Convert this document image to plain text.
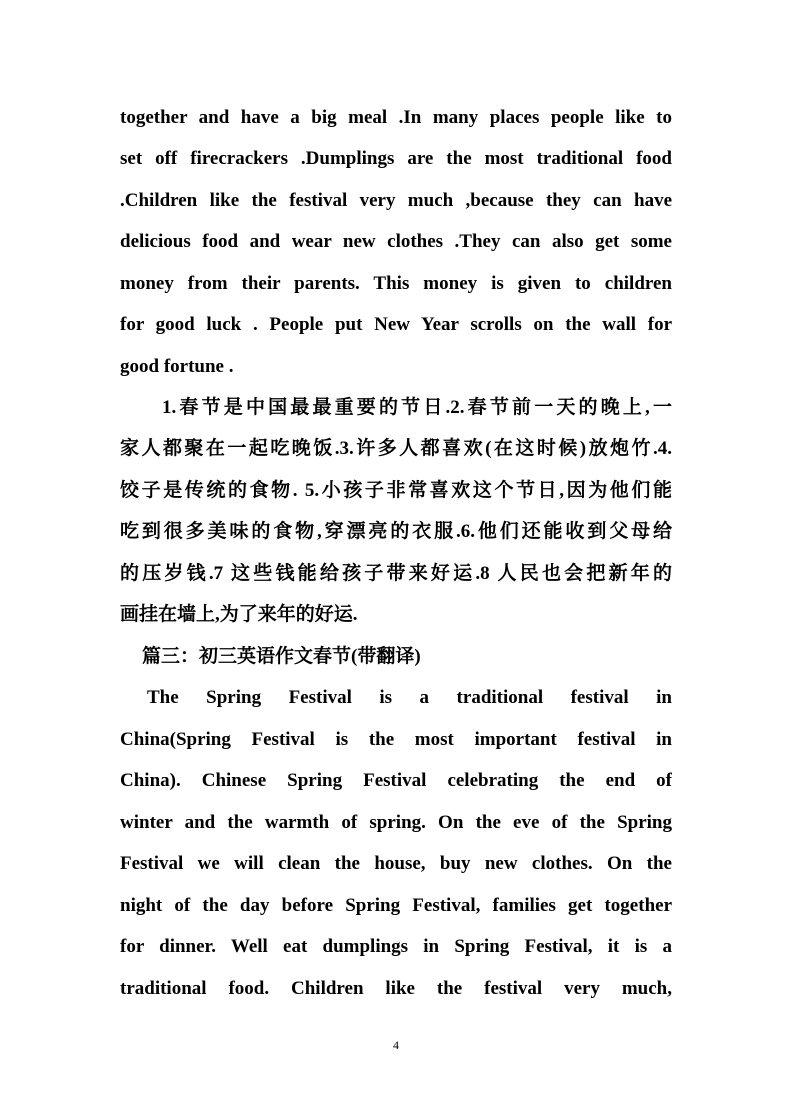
together and have a big meal .In many places people like to
set off firecrackers .Dumplings are the most traditional food
.Children like the festival very much ,because they can have
delicious food and wear new clothes .They can also get some
money from their parents. This money is given to children
for good luck . People put New Year scrolls on the wall for
good fortune .
1.春节是中国最最重要的节日.2.春节前一天的晚上,一
家人都聚在一起吃晚饭.3.许多人都喜欢(在这时候)放炮竹.4.
饺子是传统的食物. 5.小孩子非常喜欢这个节日,因为他们能
吃到很多美味的食物,穿漂亮的衣服.6.他们还能收到父母给
的压岁钱.7 这些钱能给孩子带来好运.8 人民也会把新年的
画挂在墙上,为了来年的好运.
篇三：初三英语作文春节(带翻译)
The Spring Festival is a traditional festival in
China(Spring Festival is the most important festival in
China). Chinese Spring Festival celebrating the end of
winter and the warmth of spring. On the eve of the Spring
Festival we will clean the house, buy new clothes. On the
night of the day before Spring Festival, families get together
for dinner. Well eat dumplings in Spring Festival, it is a
traditional food. Children like the festival very much,
4
